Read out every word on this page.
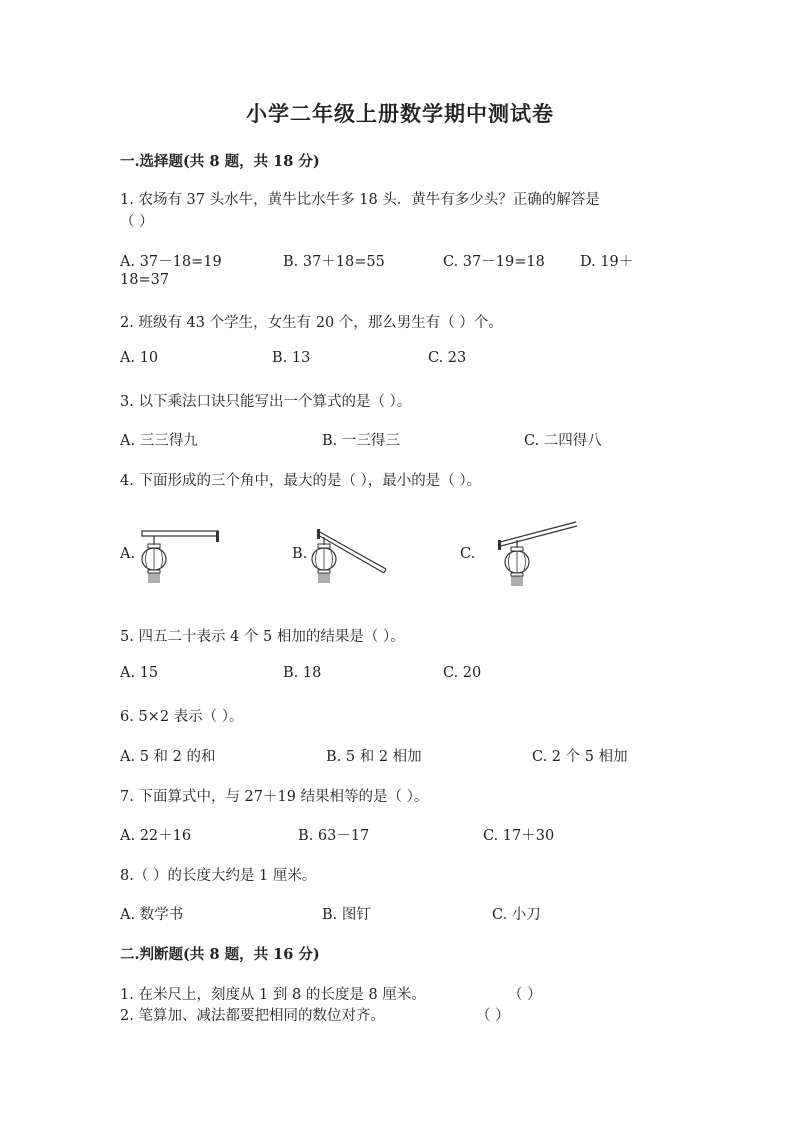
小学二年级上册数学期中测试卷
一.选择题(共 8 题，共 18 分)
1. 农场有 37 头水牛，黄牛比水牛多 18 头．黄牛有多少头？正确的解答是
（ ）
A. 37－18=19	B. 37＋18=55	C. 37－19=18 D. 19＋
18=37
2. 班级有 43 个学生，女生有 20 个，那么男生有（ ）个。
A. 10	B. 13	C. 23
3. 以下乘法口诀只能写出一个算式的是（ ）。
A. 三三得九	B. 一三得三	C. 二四得八
4. 下面形成的三个角中，最大的是（ ），最小的是（ ）。
A.	B.	C.
5. 四五二十表示 4 个 5 相加的结果是（ ）。
A. 15	B. 18	C. 20
6. 5×2 表示（ ）。
A. 5 和 2 的和	B. 5 和 2 相加	C. 2 个 5 相加
7. 下面算式中，与 27＋19 结果相等的是（ ）。
A. 22＋16	B. 63－17	C. 17＋30
8.（ ）的长度大约是 1 厘米。
A. 数学书	B. 图钉	C. 小刀
二.判断题(共 8 题，共 16 分)
1. 在米尺上，刻度从 1 到 8 的长度是 8 厘米。	（ ）
2. 笔算加、减法都要把相同的数位对齐。	（ ）
